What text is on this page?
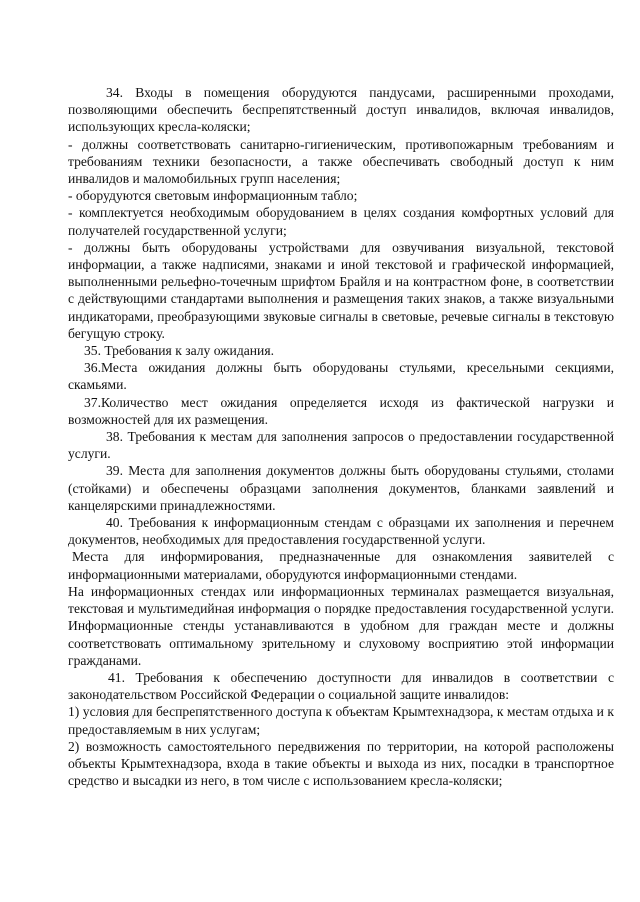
34. Входы в помещения оборудуются пандусами, расширенными проходами, позволяющими обеспечить беспрепятственный доступ инвалидов, включая инвалидов, использующих кресла-коляски;

- должны соответствовать санитарно-гигиеническим, противопожарным требованиям и требованиям техники безопасности, а также обеспечивать свободный доступ к ним инвалидов и маломобильных групп населения;

- оборудуются световым информационным табло;

- комплектуется необходимым оборудованием в целях создания комфортных условий для получателей государственной услуги;

- должны быть оборудованы устройствами для озвучивания визуальной, текстовой информации, а также надписями, знаками и иной текстовой и графической информацией, выполненными рельефно-точечным шрифтом Брайля и на контрастном фоне, в соответствии с действующими стандартами выполнения и размещения таких знаков, а также визуальными индикаторами, преобразующими звуковые сигналы в световые, речевые сигналы в текстовую бегущую строку.

35. Требования к залу ожидания.

36.Места ожидания должны быть оборудованы стульями, кресельными секциями, скамьями.

37.Количество мест ожидания определяется исходя из фактической нагрузки и возможностей для их размещения.

38. Требования к местам для заполнения запросов о предоставлении государственной услуги.

39. Места для заполнения документов должны быть оборудованы стульями, столами (стойками) и обеспечены образцами заполнения документов, бланками заявлений и канцелярскими принадлежностями.

40. Требования к информационным стендам с образцами их заполнения и перечнем документов, необходимых для предоставления государственной услуги.

Места для информирования, предназначенные для ознакомления заявителей с информационными материалами, оборудуются информационными стендами.

На информационных стендах или информационных терминалах размещается визуальная, текстовая и мультимедийная информация о порядке предоставления государственной услуги. Информационные стенды устанавливаются в удобном для граждан месте и должны соответствовать оптимальному зрительному и слуховому восприятию этой информации гражданами.

41. Требования к обеспечению доступности для инвалидов в соответствии с законодательством Российской Федерации о социальной защите инвалидов:

1) условия для беспрепятственного доступа к объектам Крымтехнадзора, к местам отдыха и к предоставляемым в них услугам;

2) возможность самостоятельного передвижения по территории, на которой расположены объекты Крымтехнадзора, входа в такие объекты и выхода из них, посадки в транспортное средство и высадки из него, в том числе с использованием кресла-коляски;
